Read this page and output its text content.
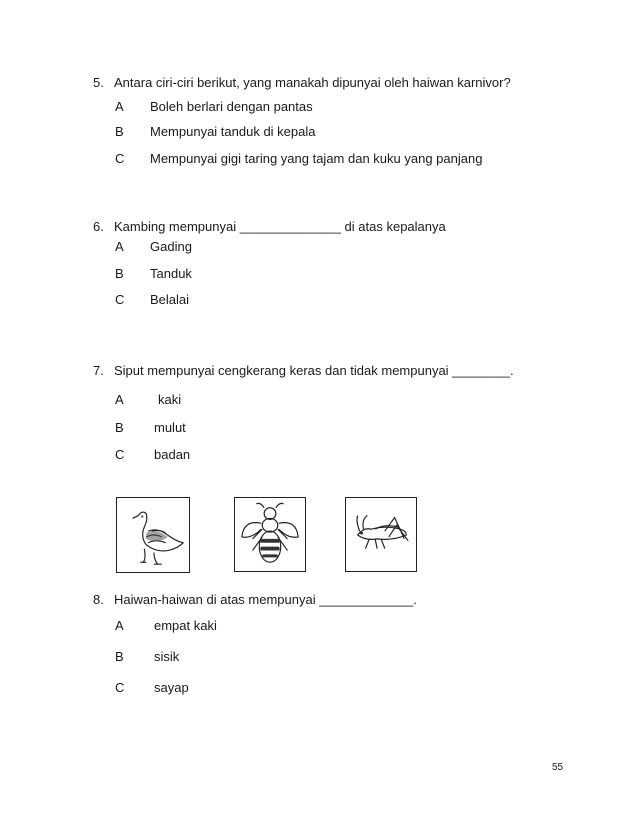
5. Antara ciri-ciri berikut, yang manakah dipunyai oleh haiwan karnivor?
A Boleh berlari dengan pantas
B Mempunyai tanduk di kepala
C Mempunyai gigi taring yang tajam dan kuku yang panjang
6. Kambing mempunyai ______________ di atas kepalanya
A Gading
B Tanduk
C Belalai
7. Siput mempunyai cengkerang keras dan tidak mempunyai ________.
A	kaki
B mulut
C badan
8. Haiwan-haiwan di atas mempunyai _____________.
A empat kaki
B sisik
C sayap
55
